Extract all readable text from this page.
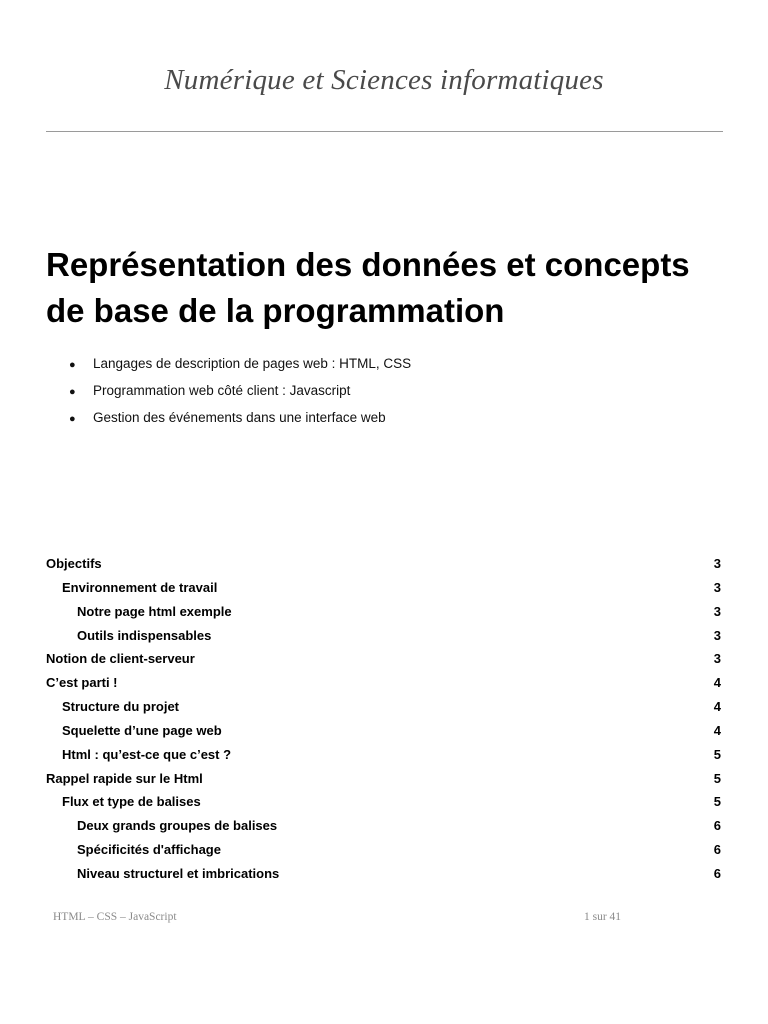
Numérique et Sciences informatiques
Représentation des données et concepts de base de la programmation
● Langages de description de pages web : HTML, CSS
● Programmation web côté client : Javascript
● Gestion des événements dans une interface web
Objectifs	3
Environnement de travail	3
Notre page html exemple	3
Outils indispensables	3
Notion de client-serveur	3
C’est parti !	4
Structure du projet	4
Squelette d’une page web	4
Html : qu’est-ce que c’est ?	5
Rappel rapide sur le Html	5
Flux et type de balises	5
Deux grands groupes de balises	6
Spécificités d'affichage	6
Niveau structurel et imbrications	6
HTML – CSS – JavaScript	1 sur 41
